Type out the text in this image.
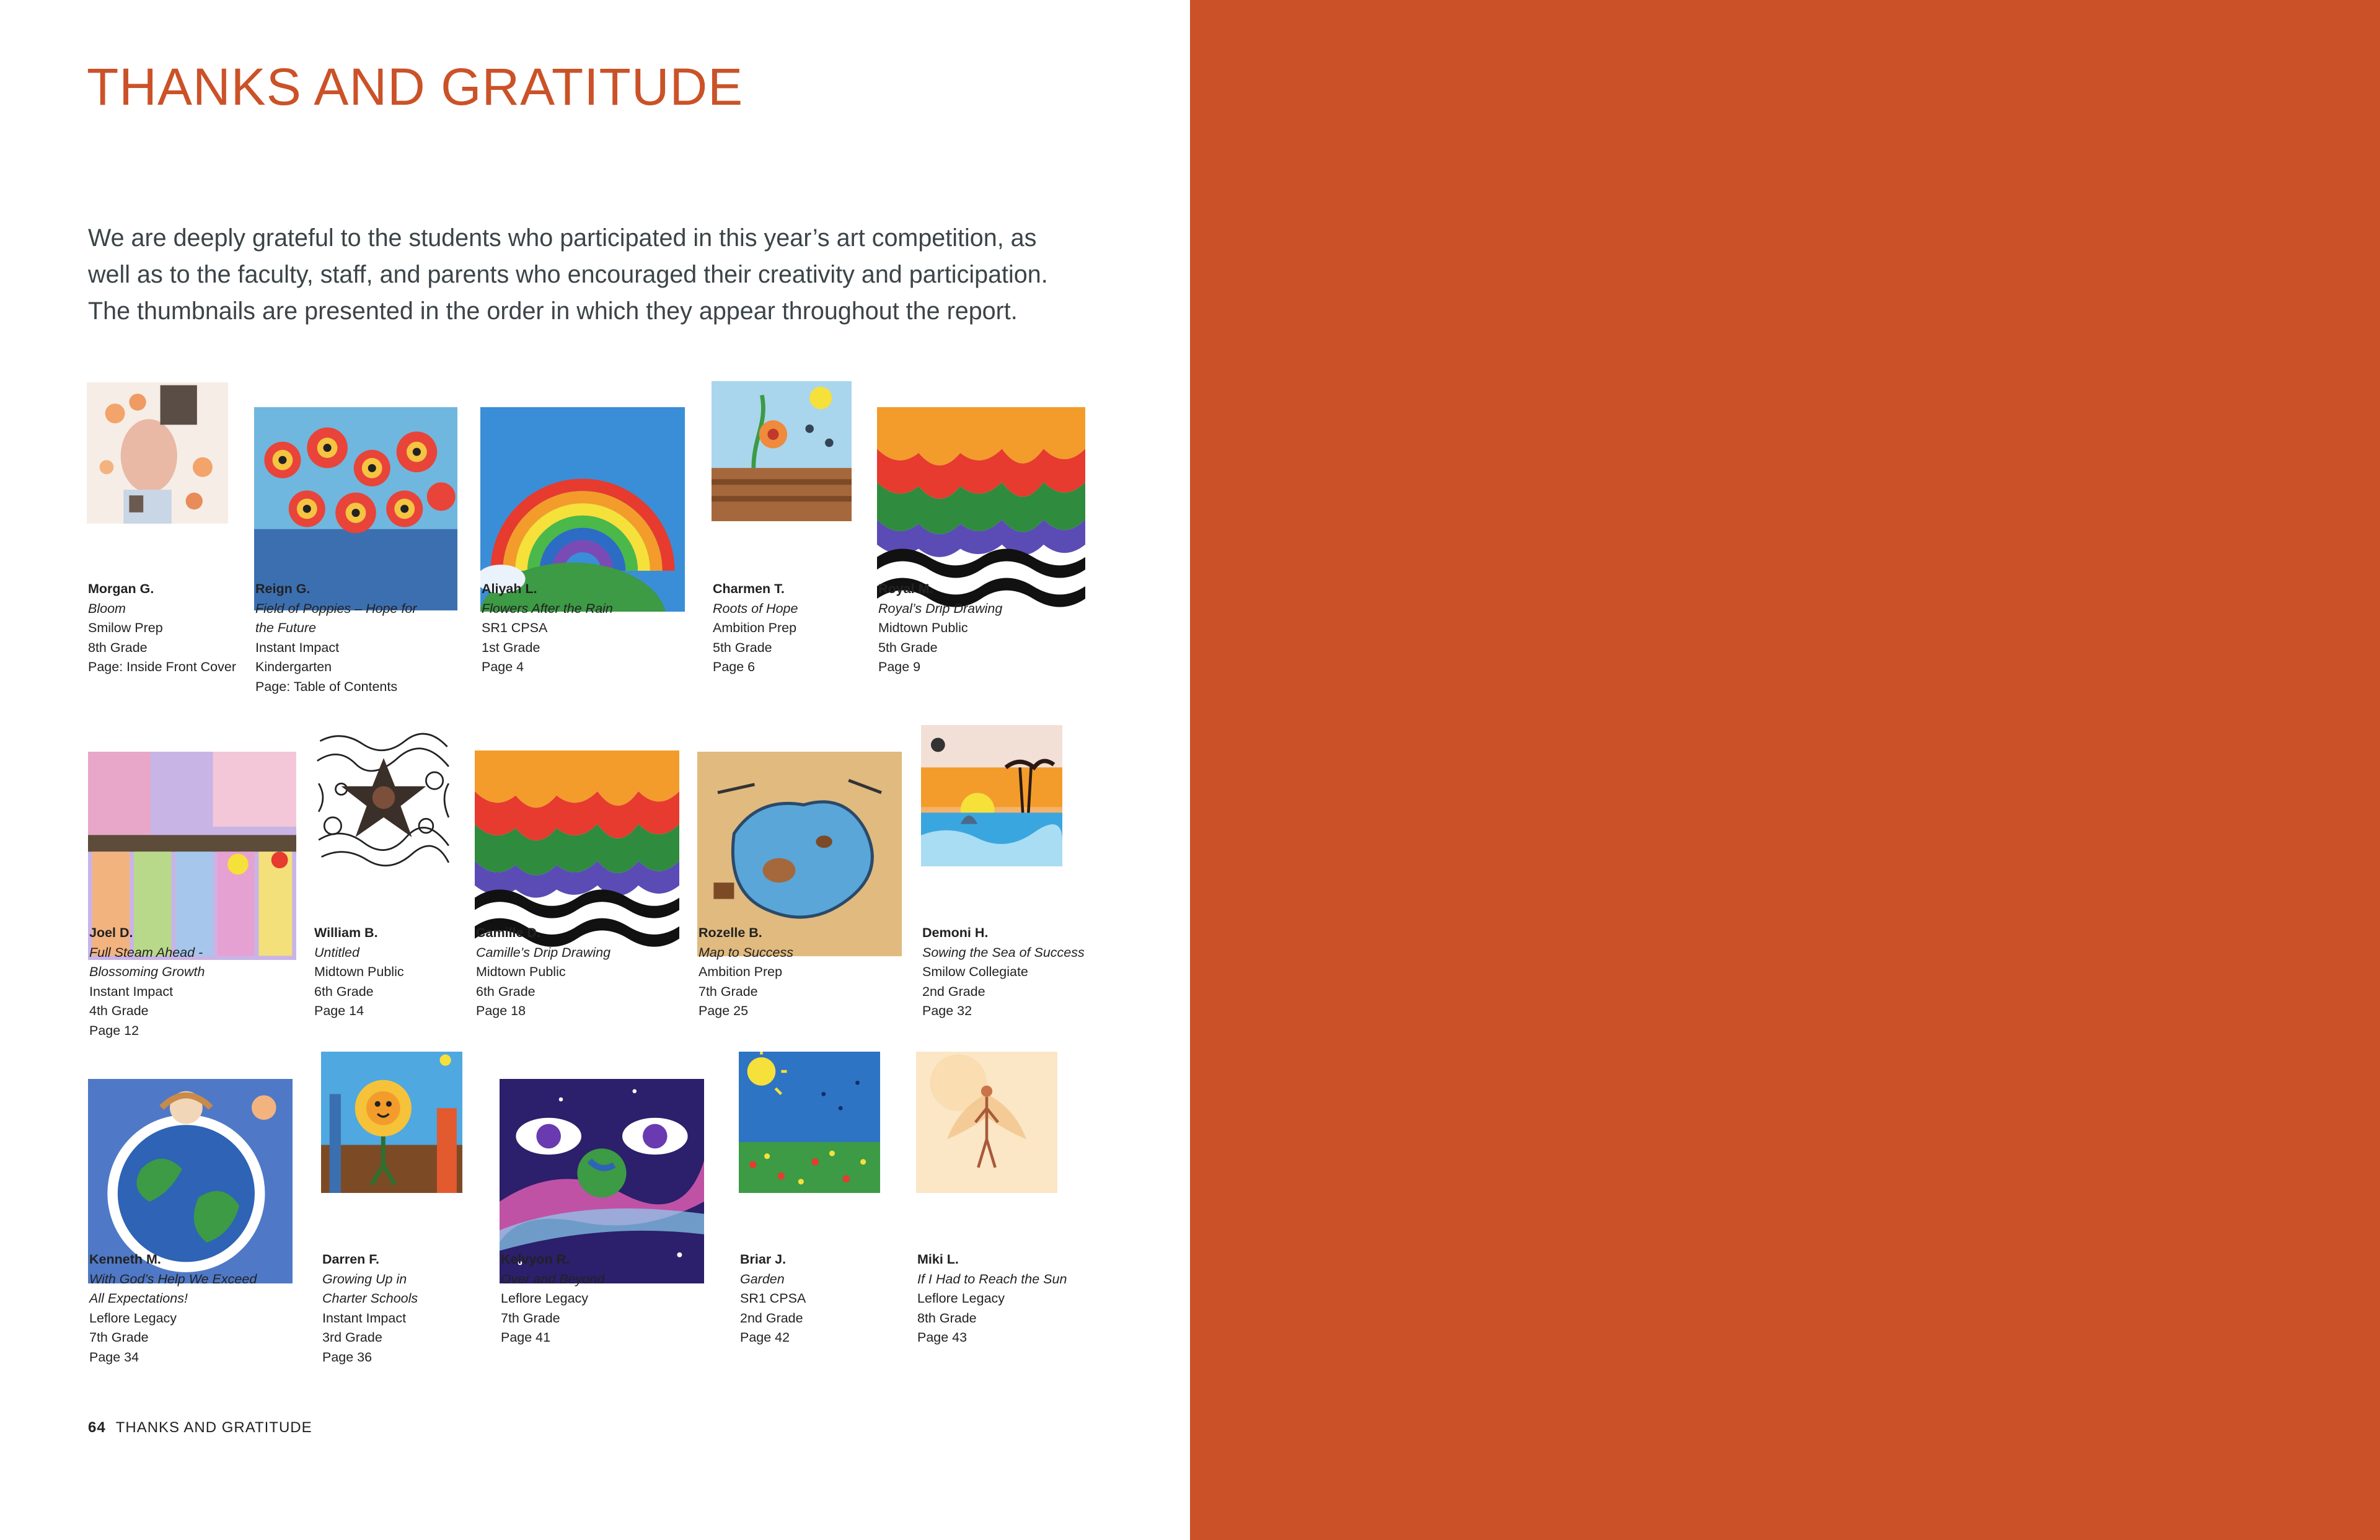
THANKS AND GRATITUDE

We are deeply grateful to the students who participated in this year’s art competition, as

well as to the faculty, staff, and parents who encouraged their creativity and participation.

The thumbnails are presented in the order in which they appear throughout the report.

Morgan G.
Bloom
Smilow Prep
8th Grade
Page: Inside Front Cover
Reign G.
Field of Poppies – Hope for
the Future
Instant Impact
Kindergarten
Page: Table of Contents
Aliyah L.
Flowers After the Rain
SR1 CPSA
1st Grade
Page 4
Charmen T.
Roots of Hope
Ambition Prep
5th Grade
Page 6
Royal M.
Royal’s Drip Drawing
Midtown Public
5th Grade
Page 9
Joel D.
Full Steam Ahead -
Blossoming Growth
Instant Impact
4th Grade
Page 12
William B.
Untitled
Midtown Public
6th Grade
Page 14
Camille D.
Camille’s Drip Drawing
Midtown Public
6th Grade
Page 18
Rozelle B.
Map to Success
Ambition Prep
7th Grade
Page 25
Demoni H.
Sowing the Sea of Success
Smilow Collegiate
2nd Grade
Page 32
Kenneth M.
With God’s Help We Exceed
All Expectations!
Leflore Legacy
7th Grade
Page 34
Darren F.
Growing Up in
Charter Schools
Instant Impact
3rd Grade
Page 36
Kelvyon R.
Over and Beyond
Leflore Legacy
7th Grade
Page 41
Briar J.
Garden
SR1 CPSA
2nd Grade
Page 42
Miki L.
If I Had to Reach the Sun
Leflore Legacy
8th Grade
Page 43
64 THANKS AND GRATITUDE
